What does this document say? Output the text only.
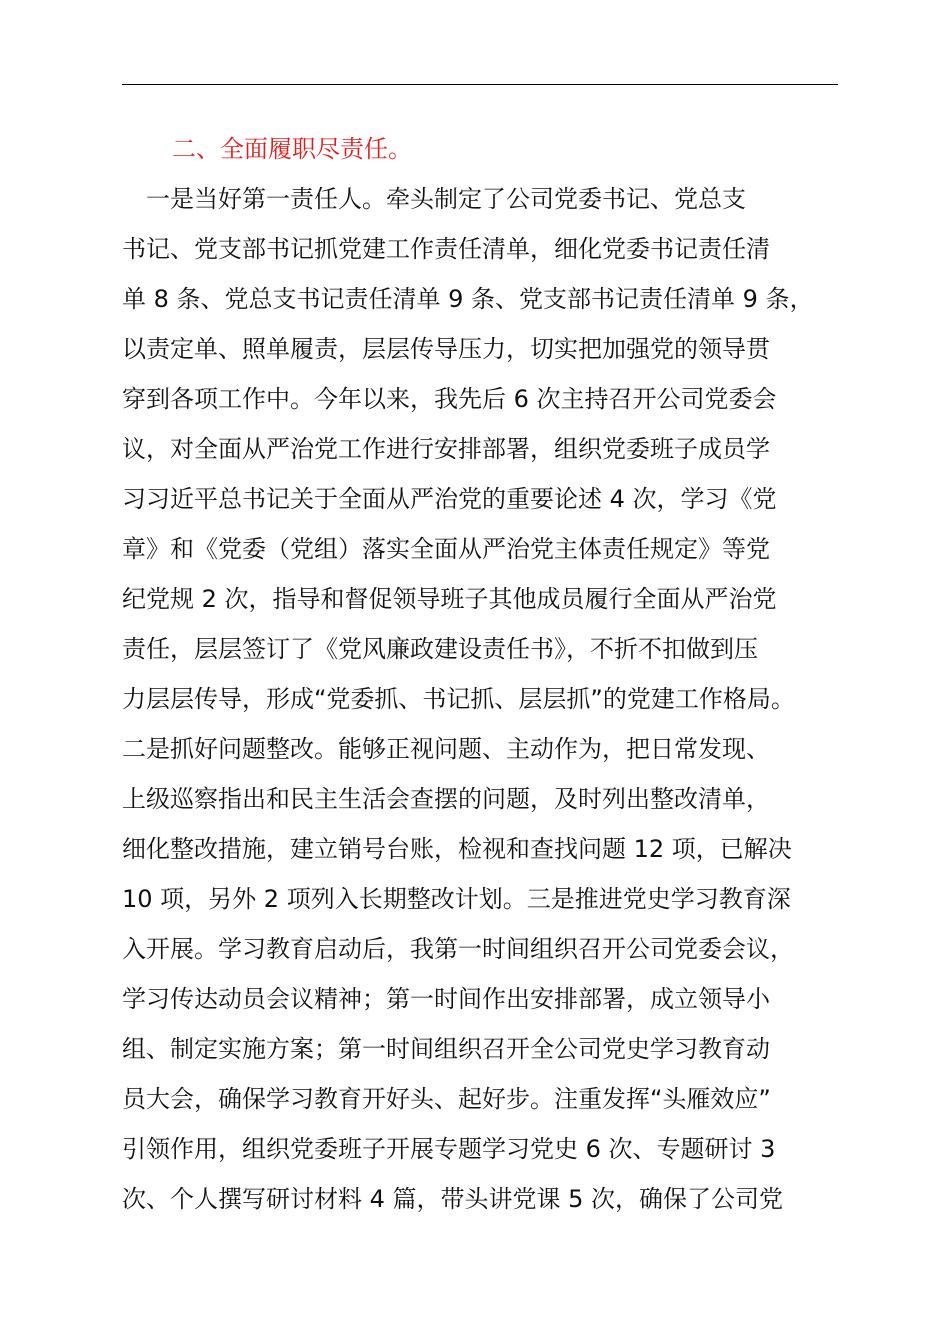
二、全面履职尽责任。
　一是当好第一责任人。牵头制定了公司党委书记、党总支
书记、党支部书记抓党建工作责任清单，细化党委书记责任清
单 8 条、党总支书记责任清单 9 条、党支部书记责任清单 9 条，
以责定单、照单履责，层层传导压力，切实把加强党的领导贯
穿到各项工作中。今年以来，我先后 6 次主持召开公司党委会
议，对全面从严治党工作进行安排部署，组织党委班子成员学
习习近平总书记关于全面从严治党的重要论述 4 次，学习《党
章》和《党委（党组）落实全面从严治党主体责任规定》等党
纪党规 2 次，指导和督促领导班子其他成员履行全面从严治党
责任，层层签订了《党风廉政建设责任书》，不折不扣做到压
力层层传导，形成“党委抓、书记抓、层层抓”的党建工作格局。
二是抓好问题整改。能够正视问题、主动作为，把日常发现、
上级巡察指出和民主生活会查摆的问题，及时列出整改清单，
细化整改措施，建立销号台账，检视和查找问题 12 项，已解决
10 项，另外 2 项列入长期整改计划。三是推进党史学习教育深
入开展。学习教育启动后，我第一时间组织召开公司党委会议，
学习传达动员会议精神；第一时间作出安排部署，成立领导小
组、制定实施方案；第一时间组织召开全公司党史学习教育动
员大会，确保学习教育开好头、起好步。注重发挥“头雁效应”
引领作用，组织党委班子开展专题学习党史 6 次、专题研讨 3
次、个人撰写研讨材料 4 篇，带头讲党课 5 次，确保了公司党
